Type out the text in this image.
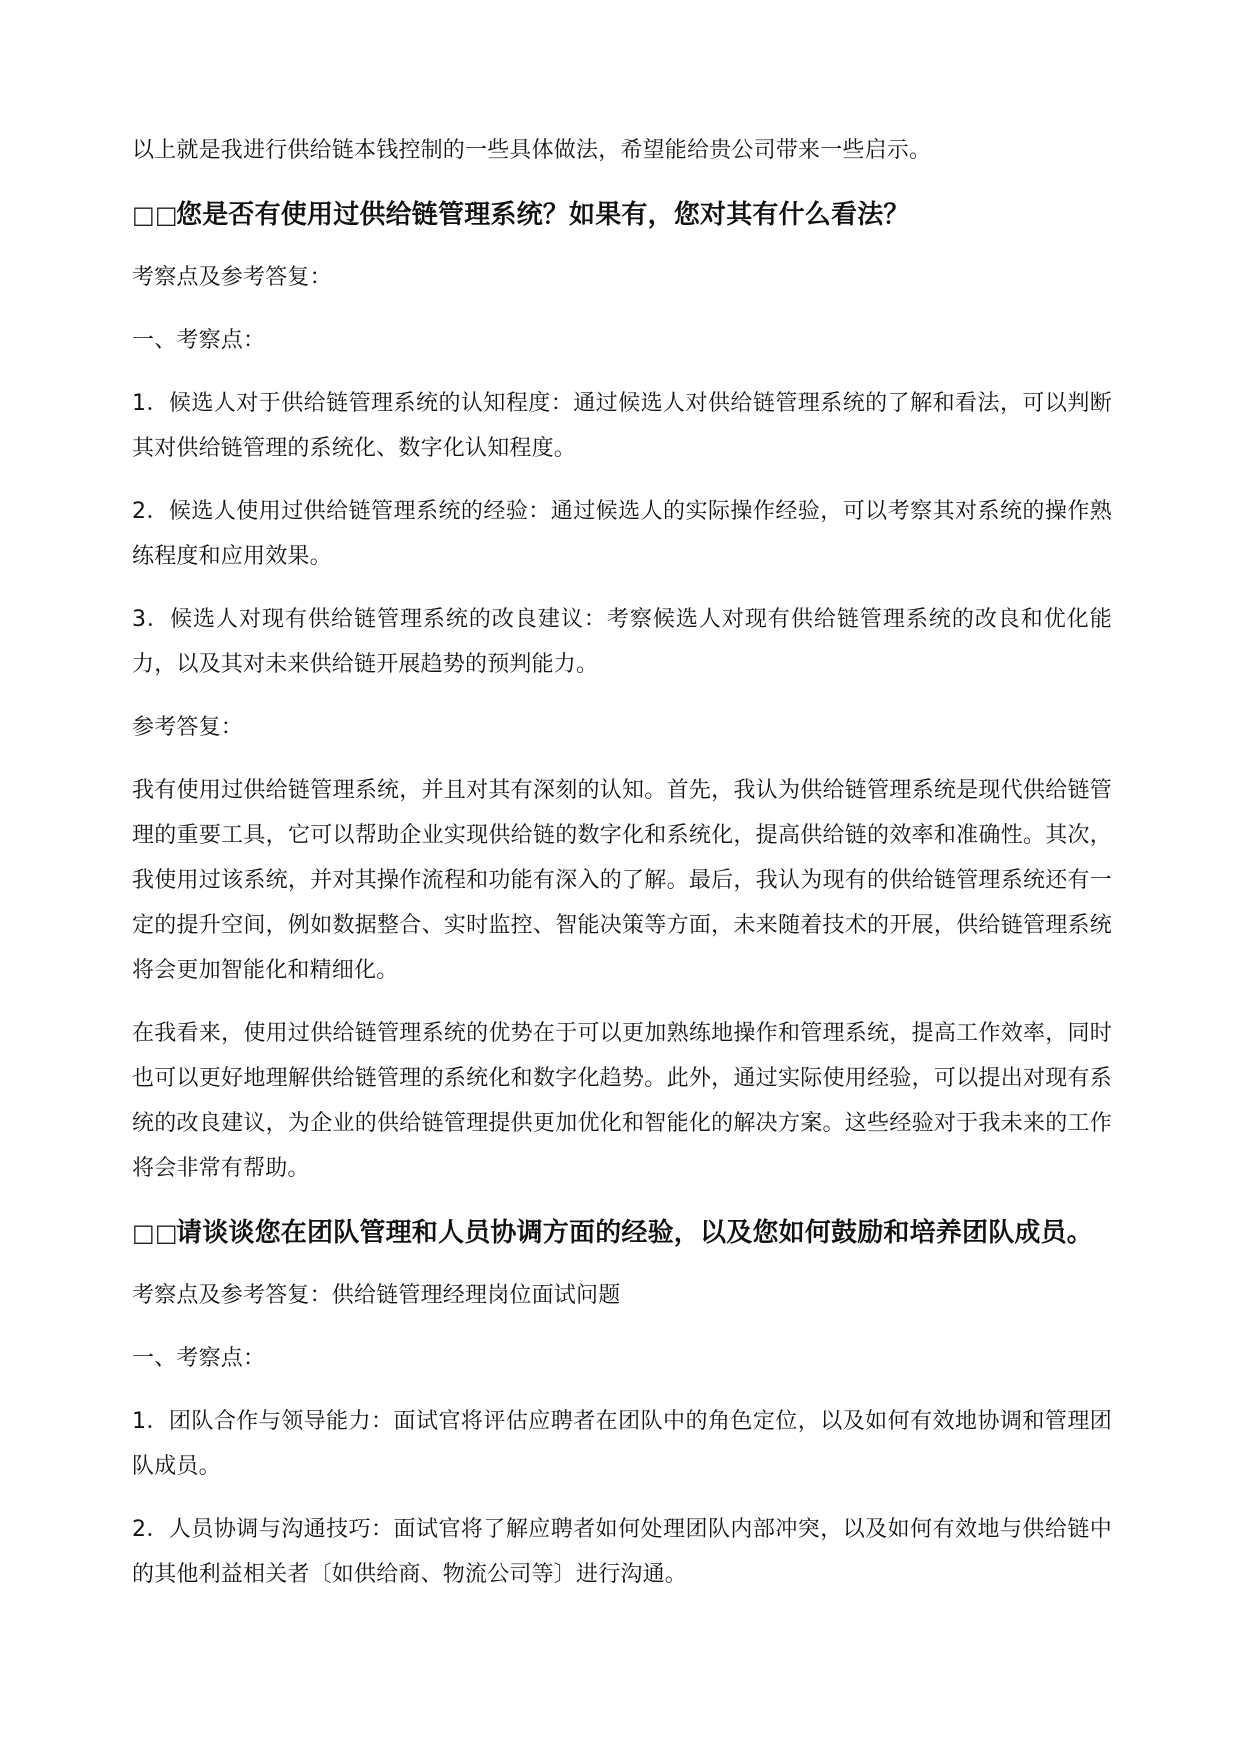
以上就是我进行供给链本钱控制的一些具体做法，希望能给贵公司带来一些启示。

□□您是否有使用过供给链管理系统？如果有，您对其有什么看法？

考察点及参考答复：

一、考察点：

1．候选人对于供给链管理系统的认知程度：通过候选人对供给链管理系统的了解和看法，可以判断其对供给链管理的系统化、数字化认知程度。

2．候选人使用过供给链管理系统的经验：通过候选人的实际操作经验，可以考察其对系统的操作熟练程度和应用效果。

3．候选人对现有供给链管理系统的改良建议：考察候选人对现有供给链管理系统的改良和优化能力，以及其对未来供给链开展趋势的预判能力。

参考答复：

我有使用过供给链管理系统，并且对其有深刻的认知。首先，我认为供给链管理系统是现代供给链管理的重要工具，它可以帮助企业实现供给链的数字化和系统化，提高供给链的效率和准确性。其次，我使用过该系统，并对其操作流程和功能有深入的了解。最后，我认为现有的供给链管理系统还有一定的提升空间，例如数据整合、实时监控、智能决策等方面，未来随着技术的开展，供给链管理系统将会更加智能化和精细化。

在我看来，使用过供给链管理系统的优势在于可以更加熟练地操作和管理系统，提高工作效率，同时也可以更好地理解供给链管理的系统化和数字化趋势。此外，通过实际使用经验，可以提出对现有系统的改良建议，为企业的供给链管理提供更加优化和智能化的解决方案。这些经验对于我未来的工作将会非常有帮助。

□□请谈谈您在团队管理和人员协调方面的经验，以及您如何鼓励和培养团队成员。

考察点及参考答复：供给链管理经理岗位面试问题

一、考察点：

1．团队合作与领导能力：面试官将评估应聘者在团队中的角色定位，以及如何有效地协调和管理团队成员。

2．人员协调与沟通技巧：面试官将了解应聘者如何处理团队内部冲突，以及如何有效地与供给链中的其他利益相关者〔如供给商、物流公司等〕进行沟通。
